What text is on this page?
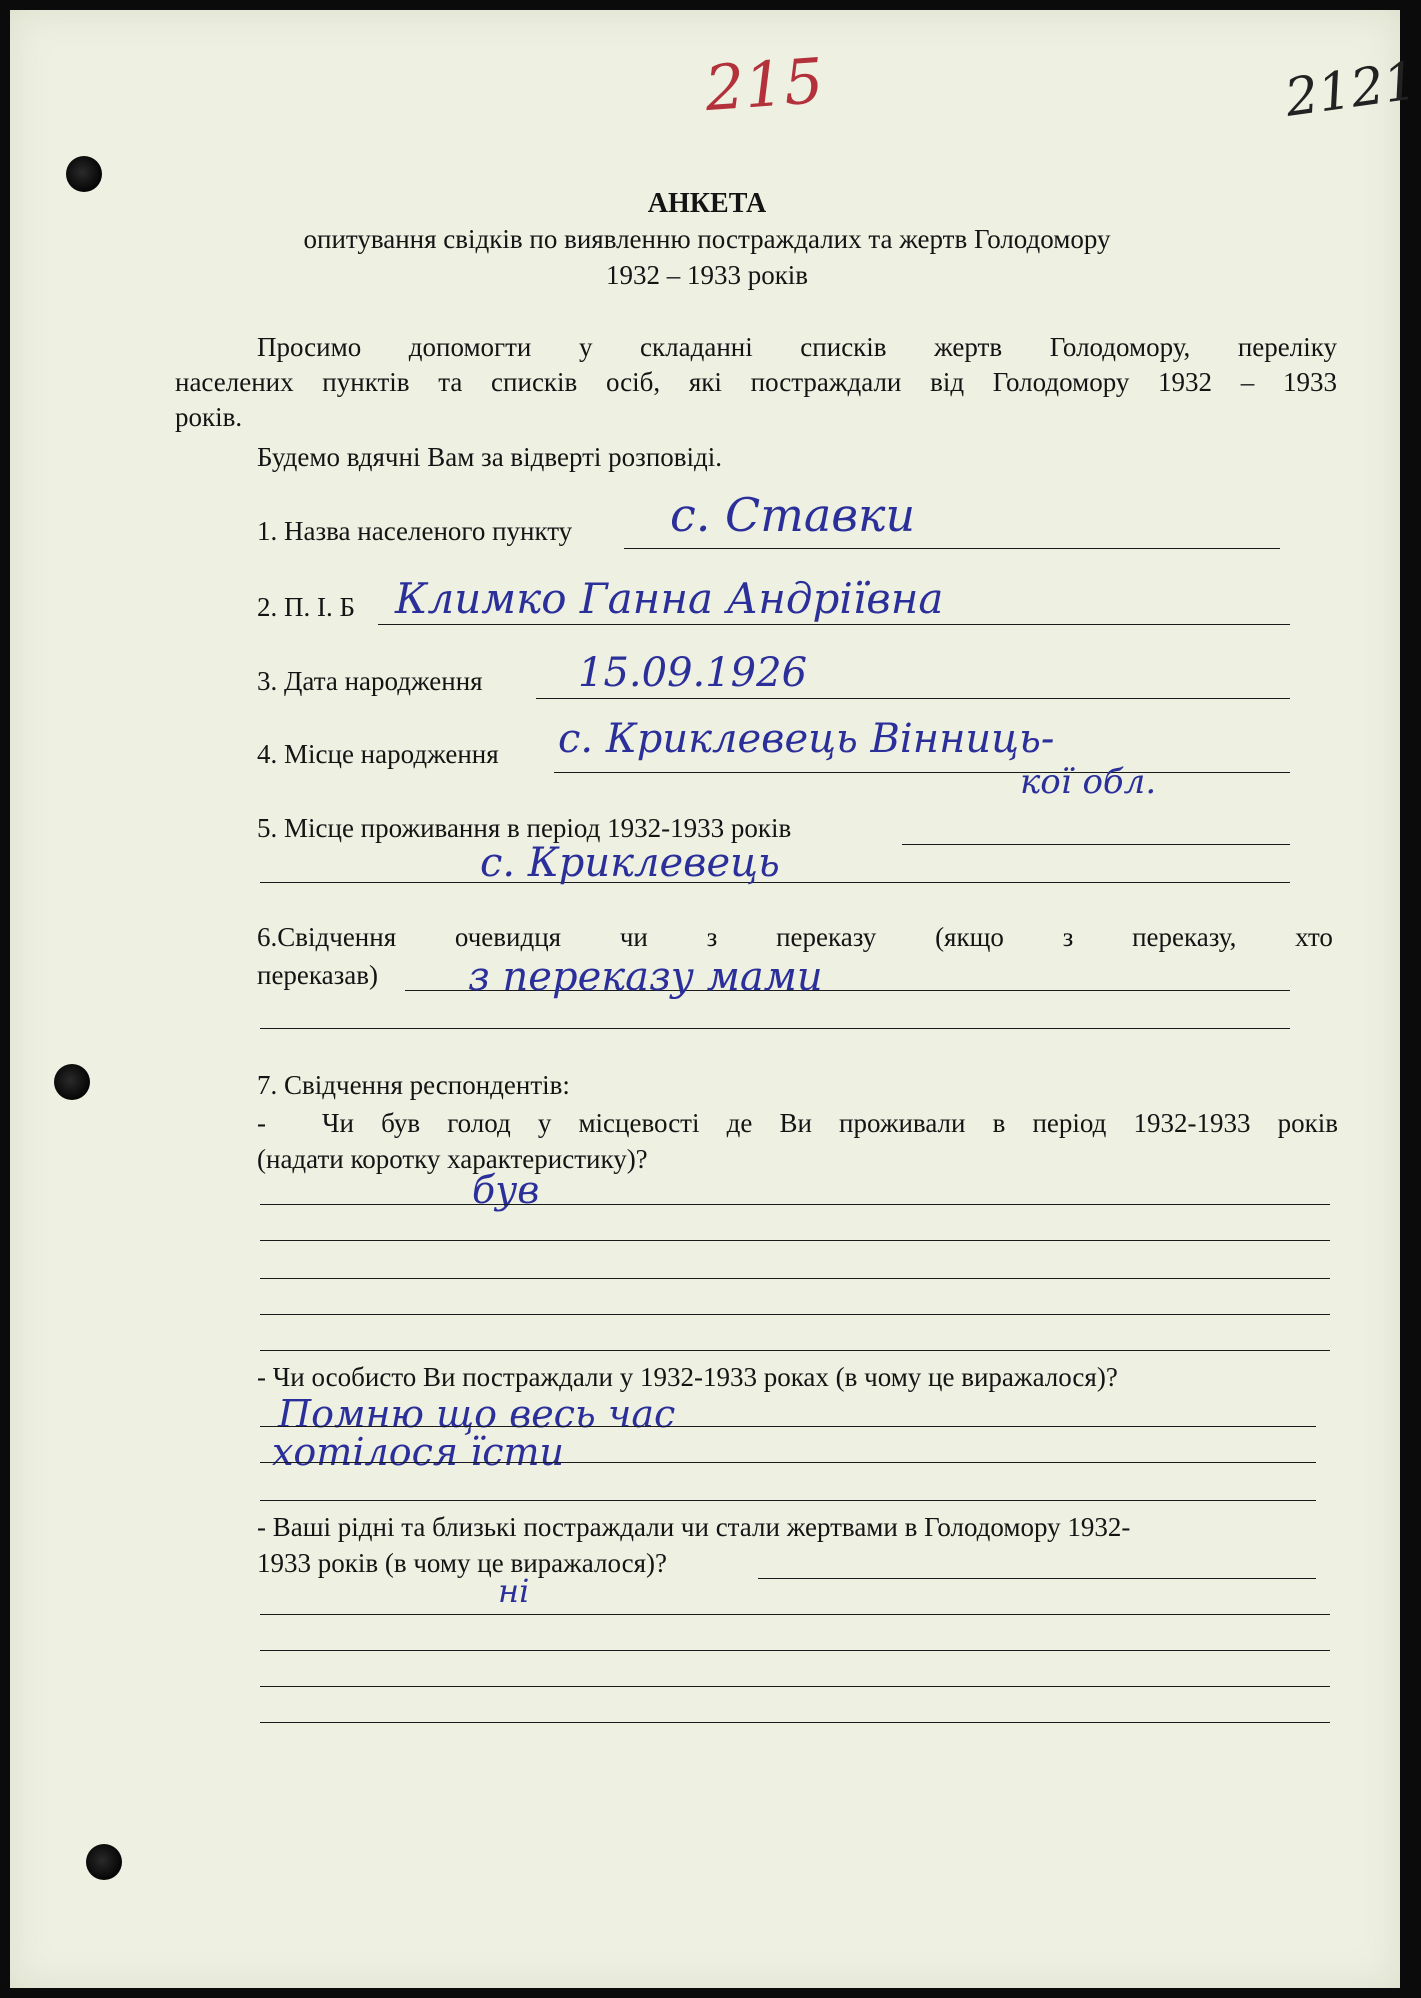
215	2121
АНКЕТА
опитування свідків по виявленню постраждалих та жертв Голодомору
1932 – 1933 років
Просимо допомогти у складанні списків жертв Голодомору, переліку
населених пунктів та списків осіб, які постраждали від Голодомору 1932 – 1933
років.
Будемо вдячні Вам за відверті розповіді.
1. Назва населеного пункту с. Ставки
2. П. І. Б Климко Ганна Андріївна
3. Дата народження 15.09.1926
4. Місце народження с. Криклевець Вінниць-
кої обл.
5. Місце проживання в період 1932-1933 років
с. Криклевець
6.Свідчення очевидця чи з переказу (якщо з переказу, хто
переказав) з переказу мами
7. Свідчення респондентів:
- Чи був голод у місцевості де Ви проживали в період 1932-1933 років
(надати коротку характеристику)?
був
- Чи особисто Ви постраждали у 1932-1933 роках (в чому це виражалося)?
Помню що весь час
хотілося їсти
- Ваші рідні та близькі постраждали чи стали жертвами в Голодомору 1932-
1933 років (в чому це виражалося)?
ні
